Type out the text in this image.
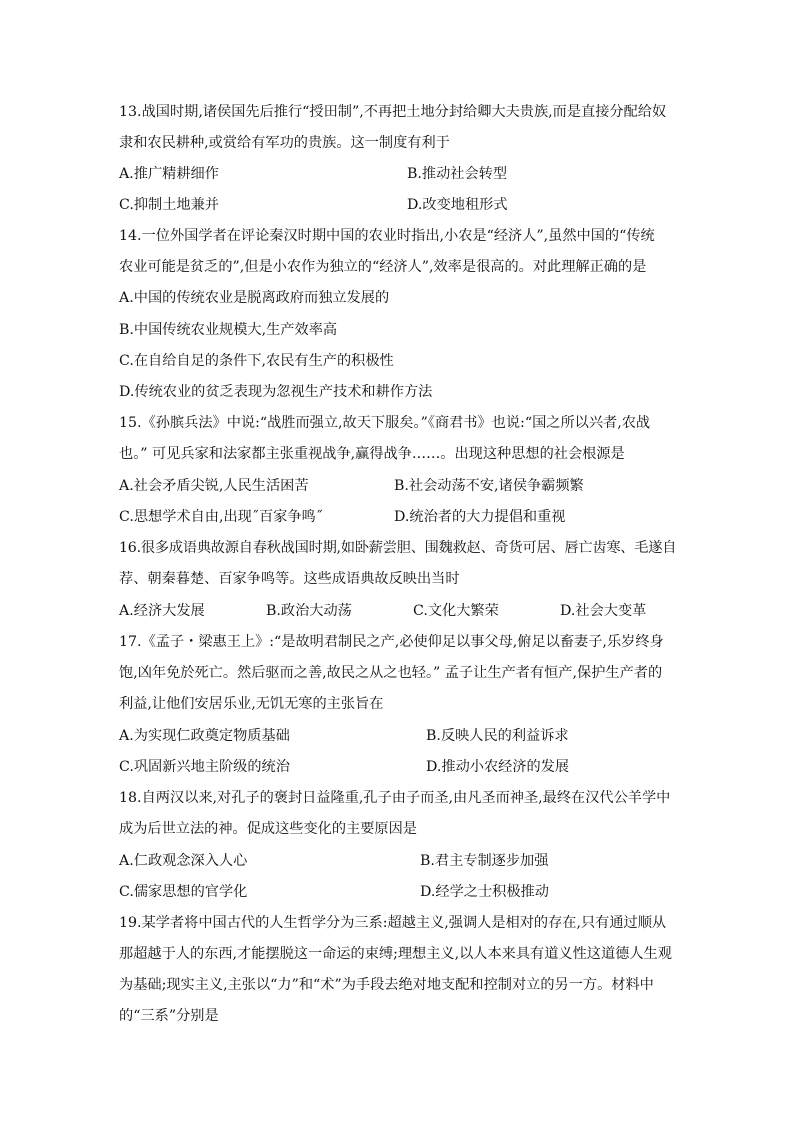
13.战国时期,诸侯国先后推行“授田制”,不再把土地分封给卿大夫贵族,而是直接分配给奴
隶和农民耕种,或赏给有军功的贵族。这一制度有利于
A.推广精耕细作	B.推动社会转型
C.抑制土地兼并	D.改变地租形式
14.一位外国学者在评论秦汉时期中国的农业时指出,小农是“经济人”,虽然中国的“传统
农业可能是贫乏的”,但是小农作为独立的“经济人”,效率是很高的。对此理解正确的是
A.中国的传统农业是脱离政府而独立发展的
B.中国传统农业规模大,生产效率高
C.在自给自足的条件下,农民有生产的积极性
D.传统农业的贫乏表现为忽视生产技术和耕作方法
15.《孙膑兵法》中说:“战胜而强立,故天下服矣。”《商君书》也说:“国之所以兴者,农战
也。” 可见兵家和法家都主张重视战争,赢得战争……。出现这种思想的社会根源是
A.社会矛盾尖锐,人民生活困苦	B.社会动荡不安,诸侯争霸频繁
C.思想学术自由,出现˝百家争鸣˝	D.统治者的大力提倡和重视
16.很多成语典故源自春秋战国时期,如卧薪尝胆、围魏救赵、奇货可居、唇亡齿寒、毛遂自
荐、朝秦暮楚、百家争鸣等。这些成语典故反映出当时
A.经济大发展	B.政治大动荡	C.文化大繁荣	D.社会大变革
17.《孟子・梁惠王上》:“是故明君制民之产,必使仰足以事父母,俯足以畜妻子,乐岁终身
饱,凶年免於死亡。然后驱而之善,故民之从之也轻。” 孟子让生产者有恒产,保护生产者的
利益,让他们安居乐业,无饥无寒的主张旨在
A.为实现仁政奠定物质基础	B.反映人民的利益诉求
C.巩固新兴地主阶级的统治	D.推动小农经济的发展
18.自两汉以来,对孔子的褒封日益隆重,孔子由子而圣,由凡圣而神圣,最终在汉代公羊学中
成为后世立法的神。促成这些变化的主要原因是
A.仁政观念深入人心	B.君主专制逐步加强
C.儒家思想的官学化	D.经学之士积极推动
19.某学者将中国古代的人生哲学分为三系:超越主义,强调人是相对的存在,只有通过顺从
那超越于人的东西,才能摆脱这一命运的束缚;理想主义,以人本来具有道义性这道德人生观
为基础;现实主义,主张以“力”和“术”为手段去绝对地支配和控制对立的另一方。材料中
的“三系”分别是
